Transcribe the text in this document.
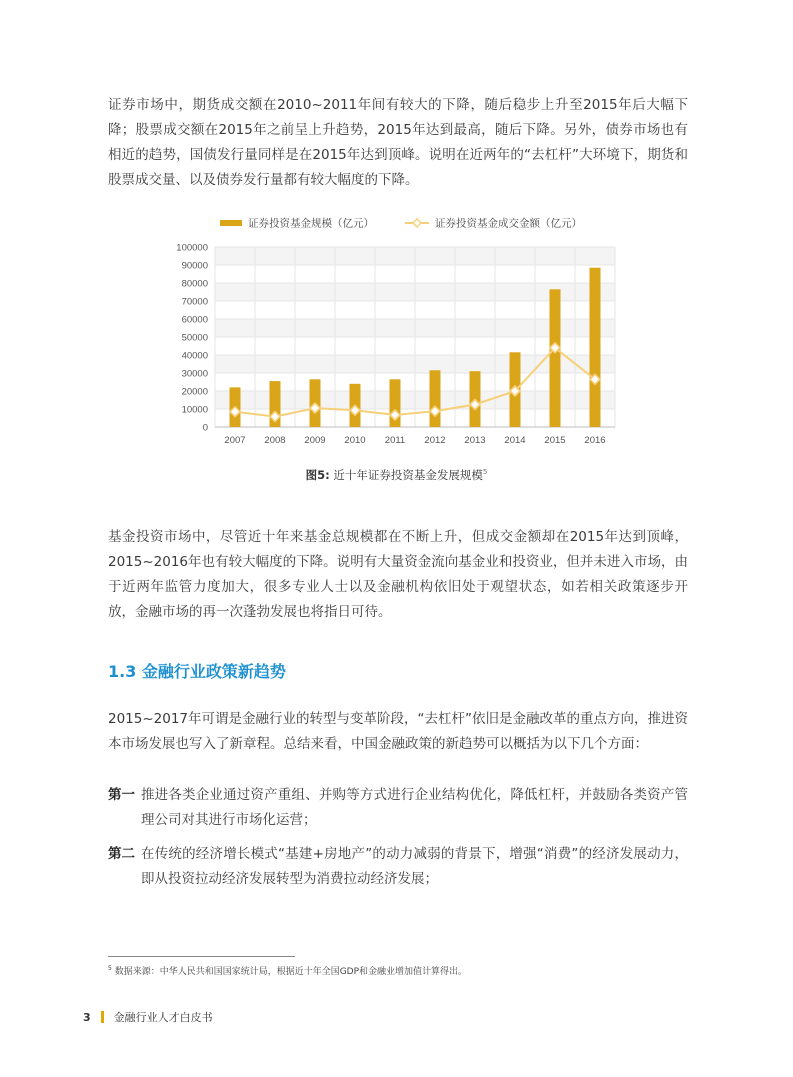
证券市场中，期货成交额在2010~2011年间有较大的下降，随后稳步上升至2015年后大幅下降；股票成交额在2015年之前呈上升趋势，2015年达到最高，随后下降。另外，债券市场也有相近的趋势，国债发行量同样是在2015年达到顶峰。说明在近两年的“去杠杆”大环境下，期货和股票成交量、以及债券发行量都有较大幅度的下降。

证券投资基金规模（亿元）	证券投资基金成交金额（亿元）
0
10000
20000
30000
40000
50000
60000
70000
80000
90000
100000
2007 2008 2009 2010 2011 2012 2013 2014 2015 2016
图5: 近十年证券投资基金发展规模$^5$

基金投资市场中，尽管近十年来基金总规模都在不断上升，但成交金额却在2015年达到顶峰，2015~2016年也有较大幅度的下降。说明有大量资金流向基金业和投资业，但并未进入市场，由于近两年监管力度加大，很多专业人士以及金融机构依旧处于观望状态，如若相关政策逐步开放，金融市场的再一次蓬勃发展也将指日可待。

1.3 金融行业政策新趋势

2015~2017年可谓是金融行业的转型与变革阶段，“去杠杆”依旧是金融改革的重点方向，推进资本市场发展也写入了新章程。总结来看，中国金融政策的新趋势可以概括为以下几个方面：

第一 推进各类企业通过资产重组、并购等方式进行企业结构优化，降低杠杆，并鼓励各类资产管理公司对其进行市场化运营；
第二 在传统的经济增长模式“基建+房地产”的动力减弱的背景下，增强“消费”的经济发展动力，即从投资拉动经济发展转型为消费拉动经济发展；
$^5$ 数据来源：中华人民共和国国家统计局，根据近十年全国GDP和金融业增加值计算得出。
3 金融行业人才白皮书
